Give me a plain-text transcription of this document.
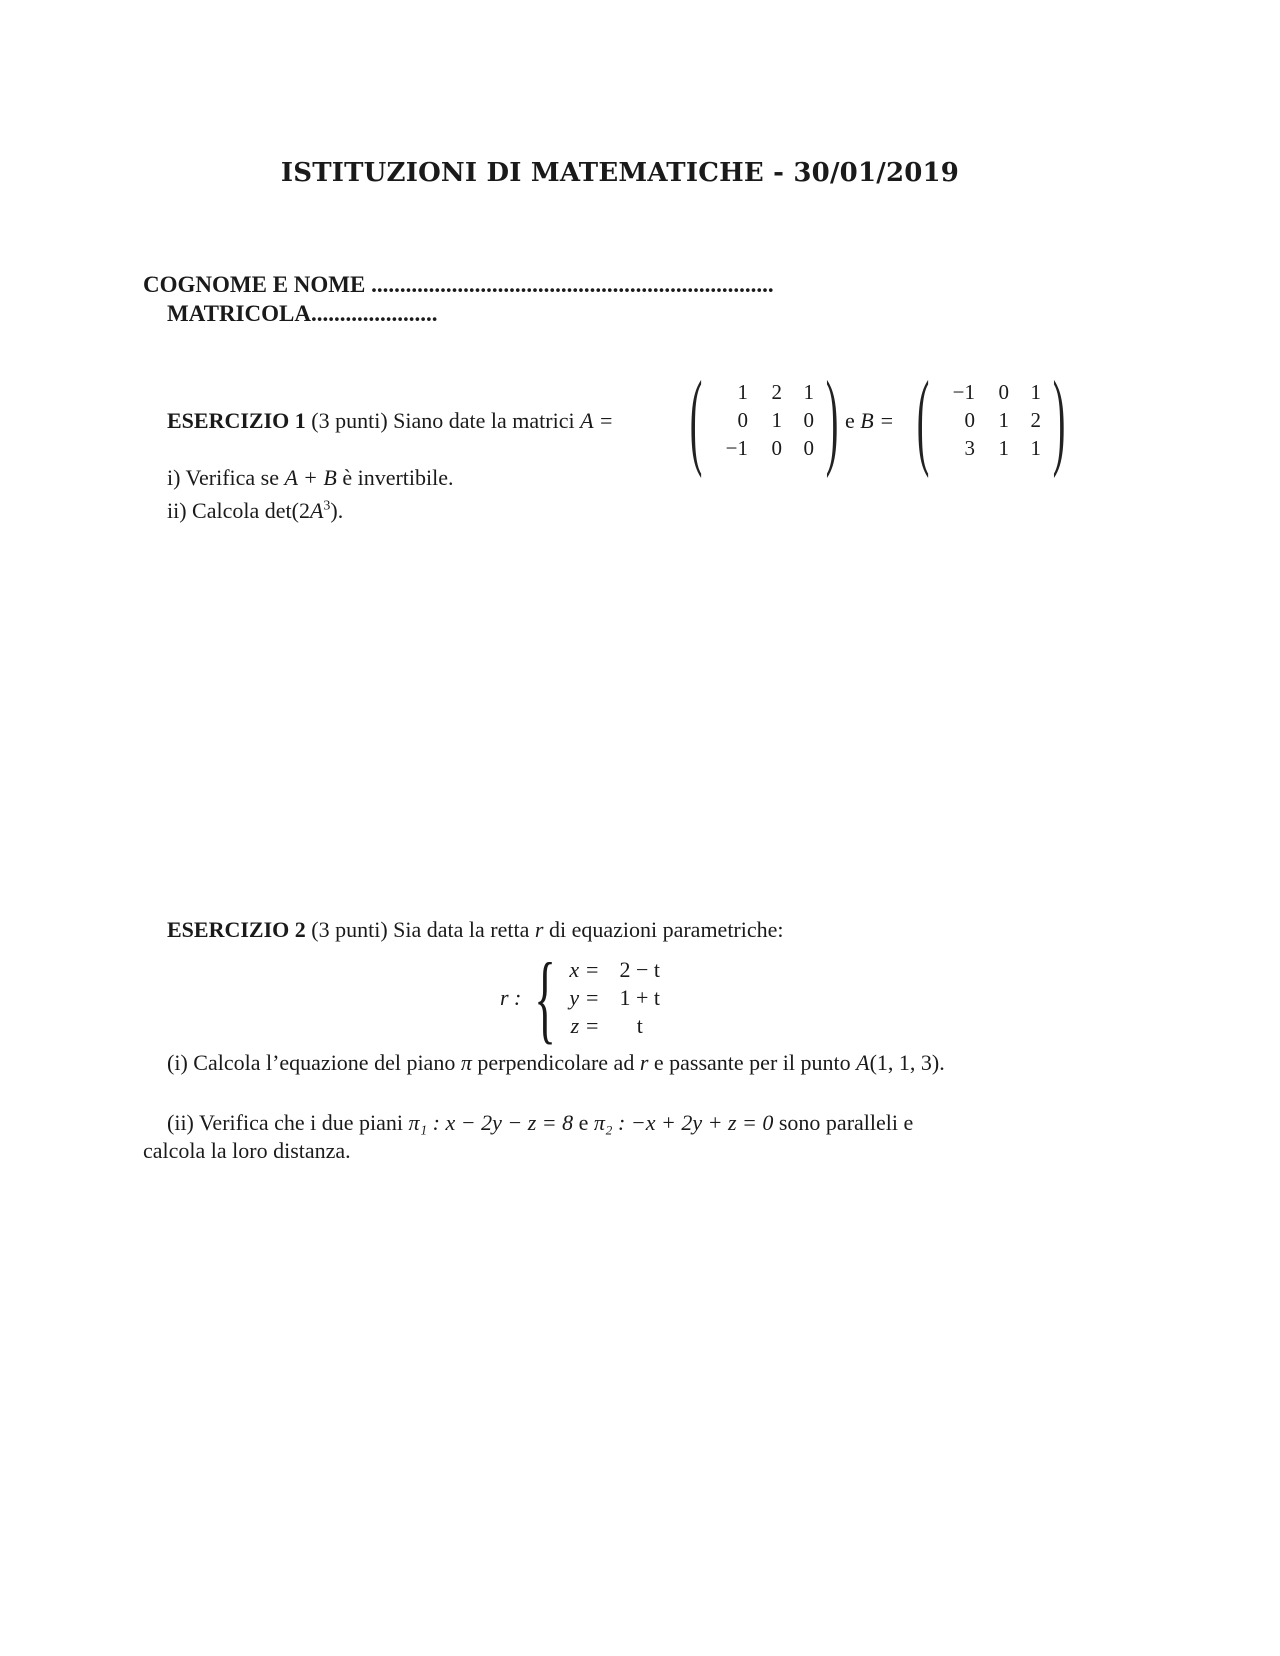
ISTITUZIONI DI MATEMATICHE - 30/01/2019
COGNOME E NOME ......................................................................
MATRICOLA......................
ESERCIZIO 1 (3 punti) Siano date la matrici A = (	1	2	1
0	1	0
−1	0	0 ) e B = (	−1	0	1
0	1	2
3	1	1 )
i) Verifica se A + B è invertibile.
ii) Calcola $\det(2A^3)$.
ESERCIZIO 2 (3 punti) Sia data la retta r di equazioni parametriche:
r : { x = 2 − t
y = 1 + t
z =	t
(i) Calcola l’equazione del piano π perpendicolare ad r e passante per il punto A(1, 1, 3).
(ii) Verifica che i due piani π₁ : x − 2y − z = 8 e π₂ : −x + 2y + z = 0 sono paralleli e
calcola la loro distanza.
